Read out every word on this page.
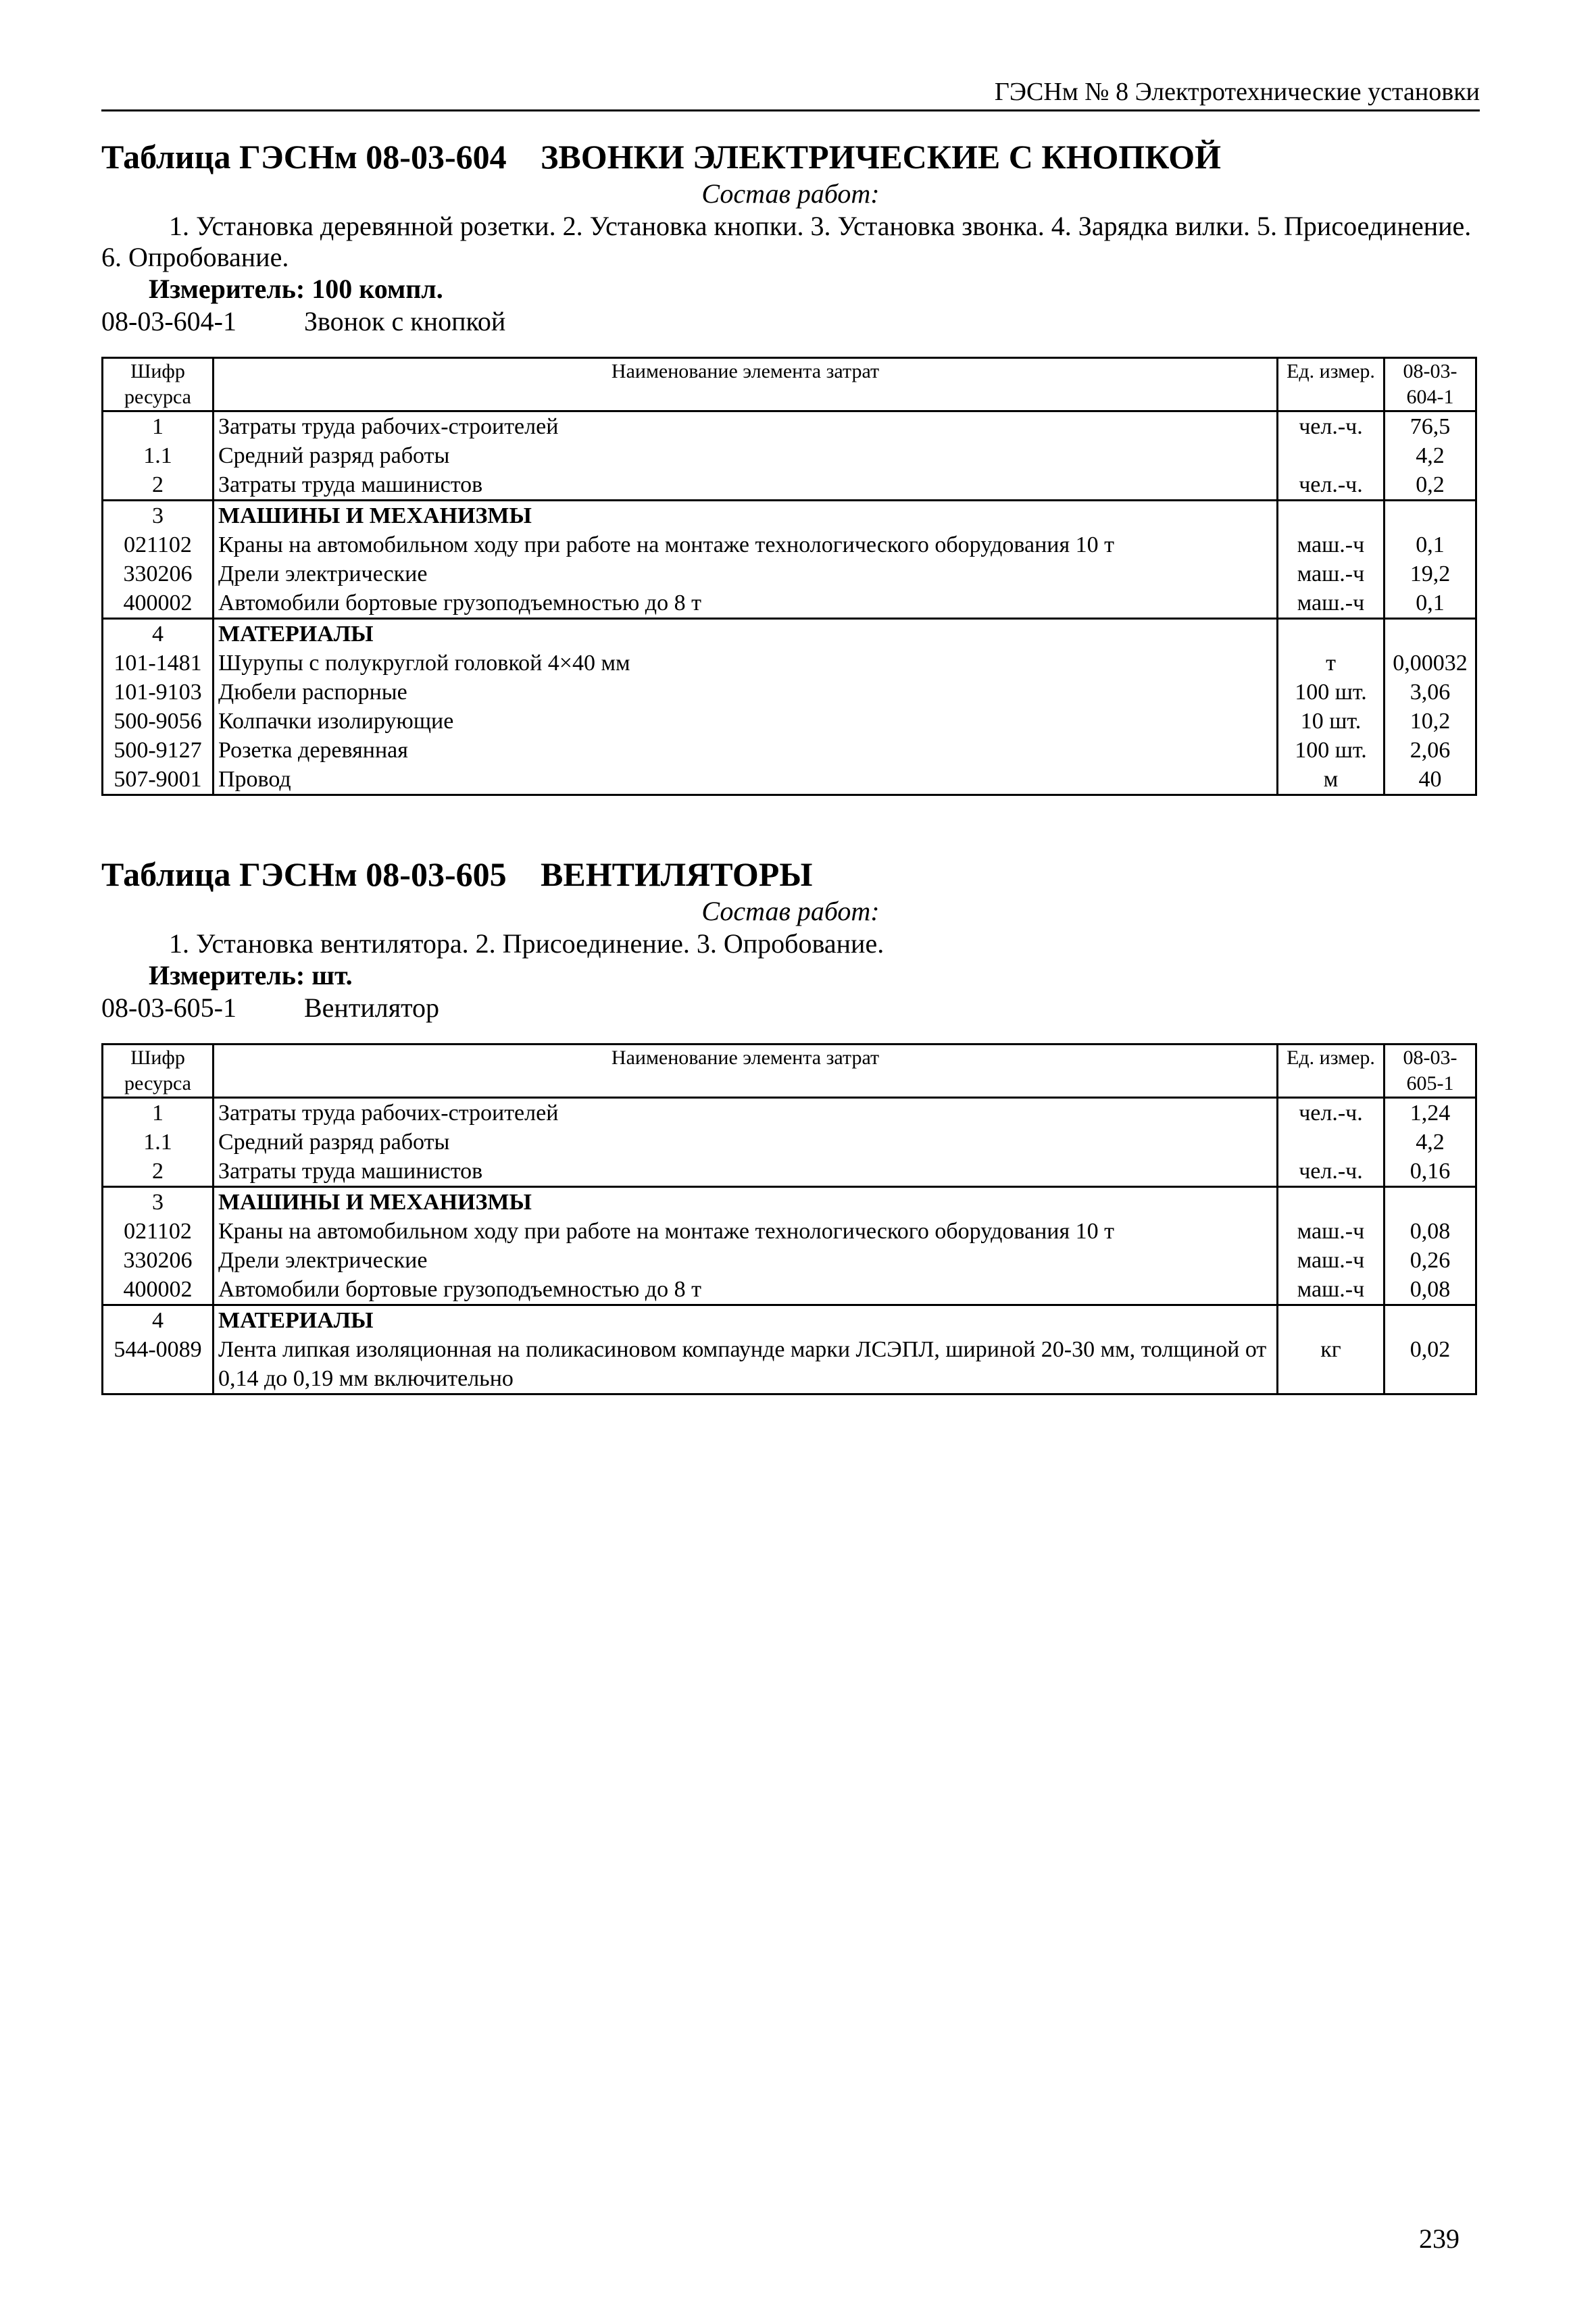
ГЭСНм № 8 Электротехнические установки
Таблица ГЭСНм 08-03-604	ЗВОНКИ ЭЛЕКТРИЧЕСКИЕ С КНОПКОЙ
Состав работ:

1. Установка деревянной розетки. 2. Установка кнопки. 3. Установка звонка. 4. Зарядка вилки. 5. Присоединение. 6. Опробование.

Измеритель: 100 компл.
08-03-604-1	Звонок с кнопкой
Шифр ресурса	Наименование элемента затрат	Ед. измер.	08-03-604-1
1	Затраты труда рабочих-строителей	чел.-ч.	76,5
1.1	Средний разряд работы		4,2
2	Затраты труда машинистов	чел.-ч.	0,2
3	МАШИНЫ И МЕХАНИЗМЫ		
021102	Краны на автомобильном ходу при работе на монтаже технологического оборудования 10 т	маш.-ч	0,1
330206	Дрели электрические	маш.-ч	19,2
400002	Автомобили бортовые грузоподъемностью до 8 т	маш.-ч	0,1
4	МАТЕРИАЛЫ		
101-1481	Шурупы с полукруглой головкой 4×40 мм	т	0,00032
101-9103	Дюбели распорные	100 шт.	3,06
500-9056	Колпачки изолирующие	10 шт.	10,2
500-9127	Розетка деревянная	100 шт.	2,06
507-9001	Провод	м	40
Таблица ГЭСНм 08-03-605	ВЕНТИЛЯТОРЫ
Состав работ:

1. Установка вентилятора. 2. Присоединение. 3. Опробование.

Измеритель: шт.
08-03-605-1	Вентилятор
Шифр ресурса	Наименование элемента затрат	Ед. измер.	08-03-605-1
1	Затраты труда рабочих-строителей	чел.-ч.	1,24
1.1	Средний разряд работы		4,2
2	Затраты труда машинистов	чел.-ч.	0,16
3	МАШИНЫ И МЕХАНИЗМЫ		
021102	Краны на автомобильном ходу при работе на монтаже технологического оборудования 10 т	маш.-ч	0,08
330206	Дрели электрические	маш.-ч	0,26
400002	Автомобили бортовые грузоподъемностью до 8 т	маш.-ч	0,08
4	МАТЕРИАЛЫ		
544-0089	Лента липкая изоляционная на поликасиновом компаунде марки ЛСЭПЛ, шириной 20-30 мм, толщиной от 0,14 до 0,19 мм включительно	кг	0,02
239
